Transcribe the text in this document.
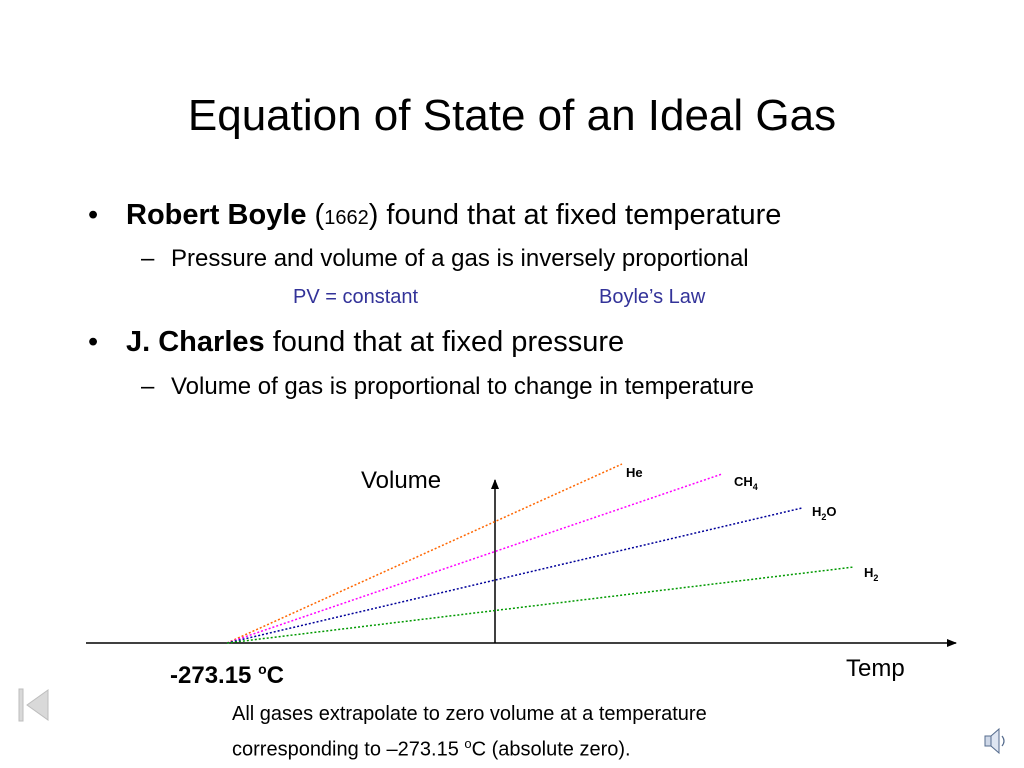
Equation of State of an Ideal Gas
• Robert Boyle (1662) found that at fixed temperature
– Pressure and volume of a gas is inversely proportional
PV = constant	Boyle’s Law
• J. Charles found that at fixed pressure
– Volume of gas is proportional to change in temperature
He
$CH_4$
$H_2O$
$H_2$
Volume
Temp
-273.15 $^o$C
All gases extrapolate to zero volume at a temperature
corresponding to –273.15 $^o$C (absolute zero).
